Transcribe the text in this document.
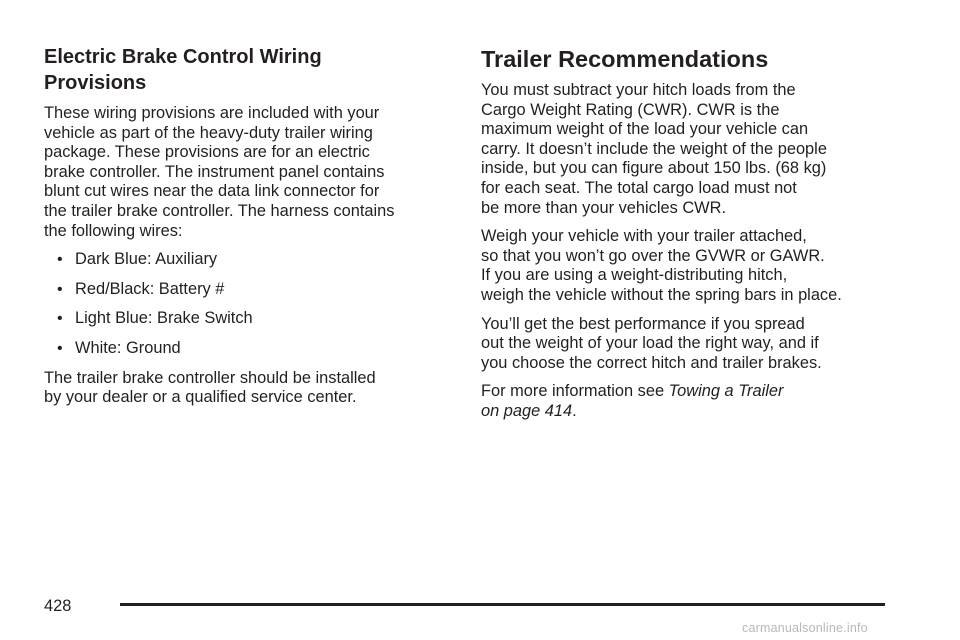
Electric Brake Control Wiring
Provisions

These wiring provisions are included with your
vehicle as part of the heavy-duty trailer wiring
package. These provisions are for an electric
brake controller. The instrument panel contains
blunt cut wires near the data link connector for
the trailer brake controller. The harness contains
the following wires:

• Dark Blue: Auxiliary
• Red/Black: Battery #
• Light Blue: Brake Switch
• White: Ground

The trailer brake controller should be installed
by your dealer or a qualified service center.

Trailer Recommendations

You must subtract your hitch loads from the
Cargo Weight Rating (CWR). CWR is the
maximum weight of the load your vehicle can
carry. It doesn’t include the weight of the people
inside, but you can figure about 150 lbs. (68 kg)
for each seat. The total cargo load must not
be more than your vehicles CWR.

Weigh your vehicle with your trailer attached,
so that you won’t go over the GVWR or GAWR.
If you are using a weight-distributing hitch,
weigh the vehicle without the spring bars in place.

You’ll get the best performance if you spread
out the weight of your load the right way, and if
you choose the correct hitch and trailer brakes.

For more information see Towing a Trailer
on page 414.

428
carmanualsonline.info
